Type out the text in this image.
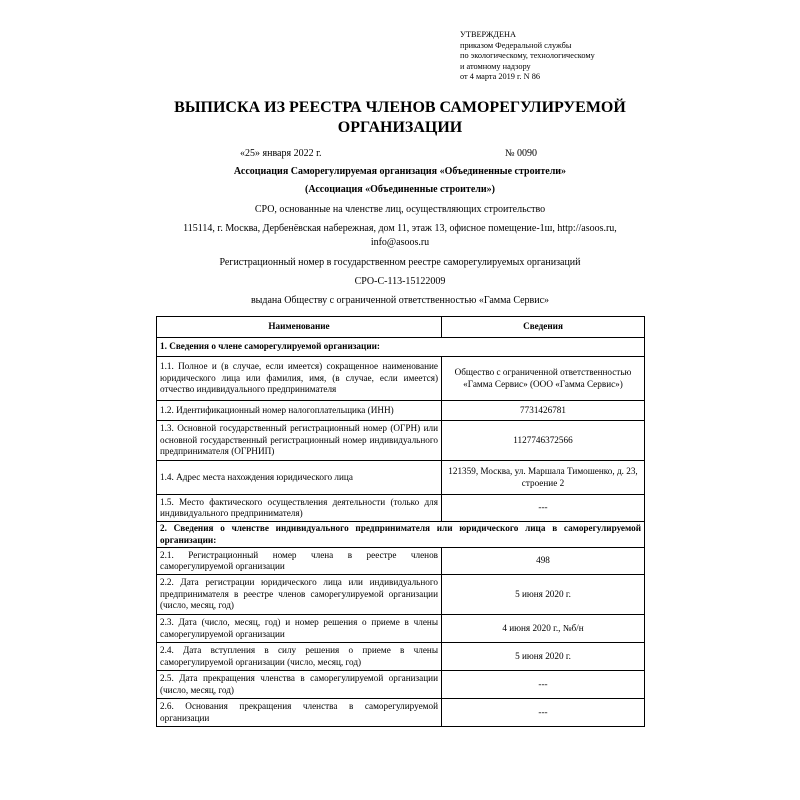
УТВЕРЖДЕНА
приказом Федеральной службы
по экологическому, технологическому
и атомному надзору
от 4 марта 2019 г. N 86
ВЫПИСКА ИЗ РЕЕСТРА ЧЛЕНОВ САМОРЕГУЛИРУЕМОЙ
ОРГАНИЗАЦИИ
«25» января 2022 г.	№ 0090
Ассоциация Саморегулируемая организация «Объединенные строители»
(Ассоциация «Объединенные строители»)
СРО, основанные на членстве лиц, осуществляющих строительство
115114, г. Москва, Дербенёвская набережная, дом 11, этаж 13, офисное помещение-1ш, http://asoos.ru,
info@asoos.ru
Регистрационный номер в государственном реестре саморегулируемых организаций
СРО-С-113-15122009
выдана Обществу с ограниченной ответственностью «Гамма Сервис»
Наименование	Сведения
1. Сведения о члене саморегулируемой организации:	
1.1. Полное и (в случае, если имеется) сокращенное наименование юридического лица или фамилия, имя, (в случае, если имеется) отчество индивидуального предпринимателя	Общество с ограниченной ответственностью «Гамма Сервис» (ООО «Гамма Сервис»)
1.2. Идентификационный номер налогоплательщика (ИНН)	7731426781
1.3. Основной государственный регистрационный номер (ОГРН) или основной государственный регистрационный номер индивидуального предпринимателя (ОГРНИП)	1127746372566
1.4. Адрес места нахождения юридического лица	121359, Москва, ул. Маршала Тимошенко, д. 23, строение 2
1.5. Место фактического осуществления деятельности (только для индивидуального предпринимателя)	---
2. Сведения о членстве индивидуального предпринимателя или юридического лица в саморегулируемой организации:	
2.1. Регистрационный номер члена в реестре членов саморегулируемой организации	498
2.2. Дата регистрации юридического лица или индивидуального предпринимателя в реестре членов саморегулируемой организации (число, месяц, год)	5 июня 2020 г.
2.3. Дата (число, месяц, год) и номер решения о приеме в члены саморегулируемой организации	4 июня 2020 г., №б/н
2.4. Дата вступления в силу решения о приеме в члены саморегулируемой организации (число, месяц, год)	5 июня 2020 г.
2.5. Дата прекращения членства в саморегулируемой организации (число, месяц, год)	---
2.6. Основания прекращения членства в саморегулируемой организации	---
